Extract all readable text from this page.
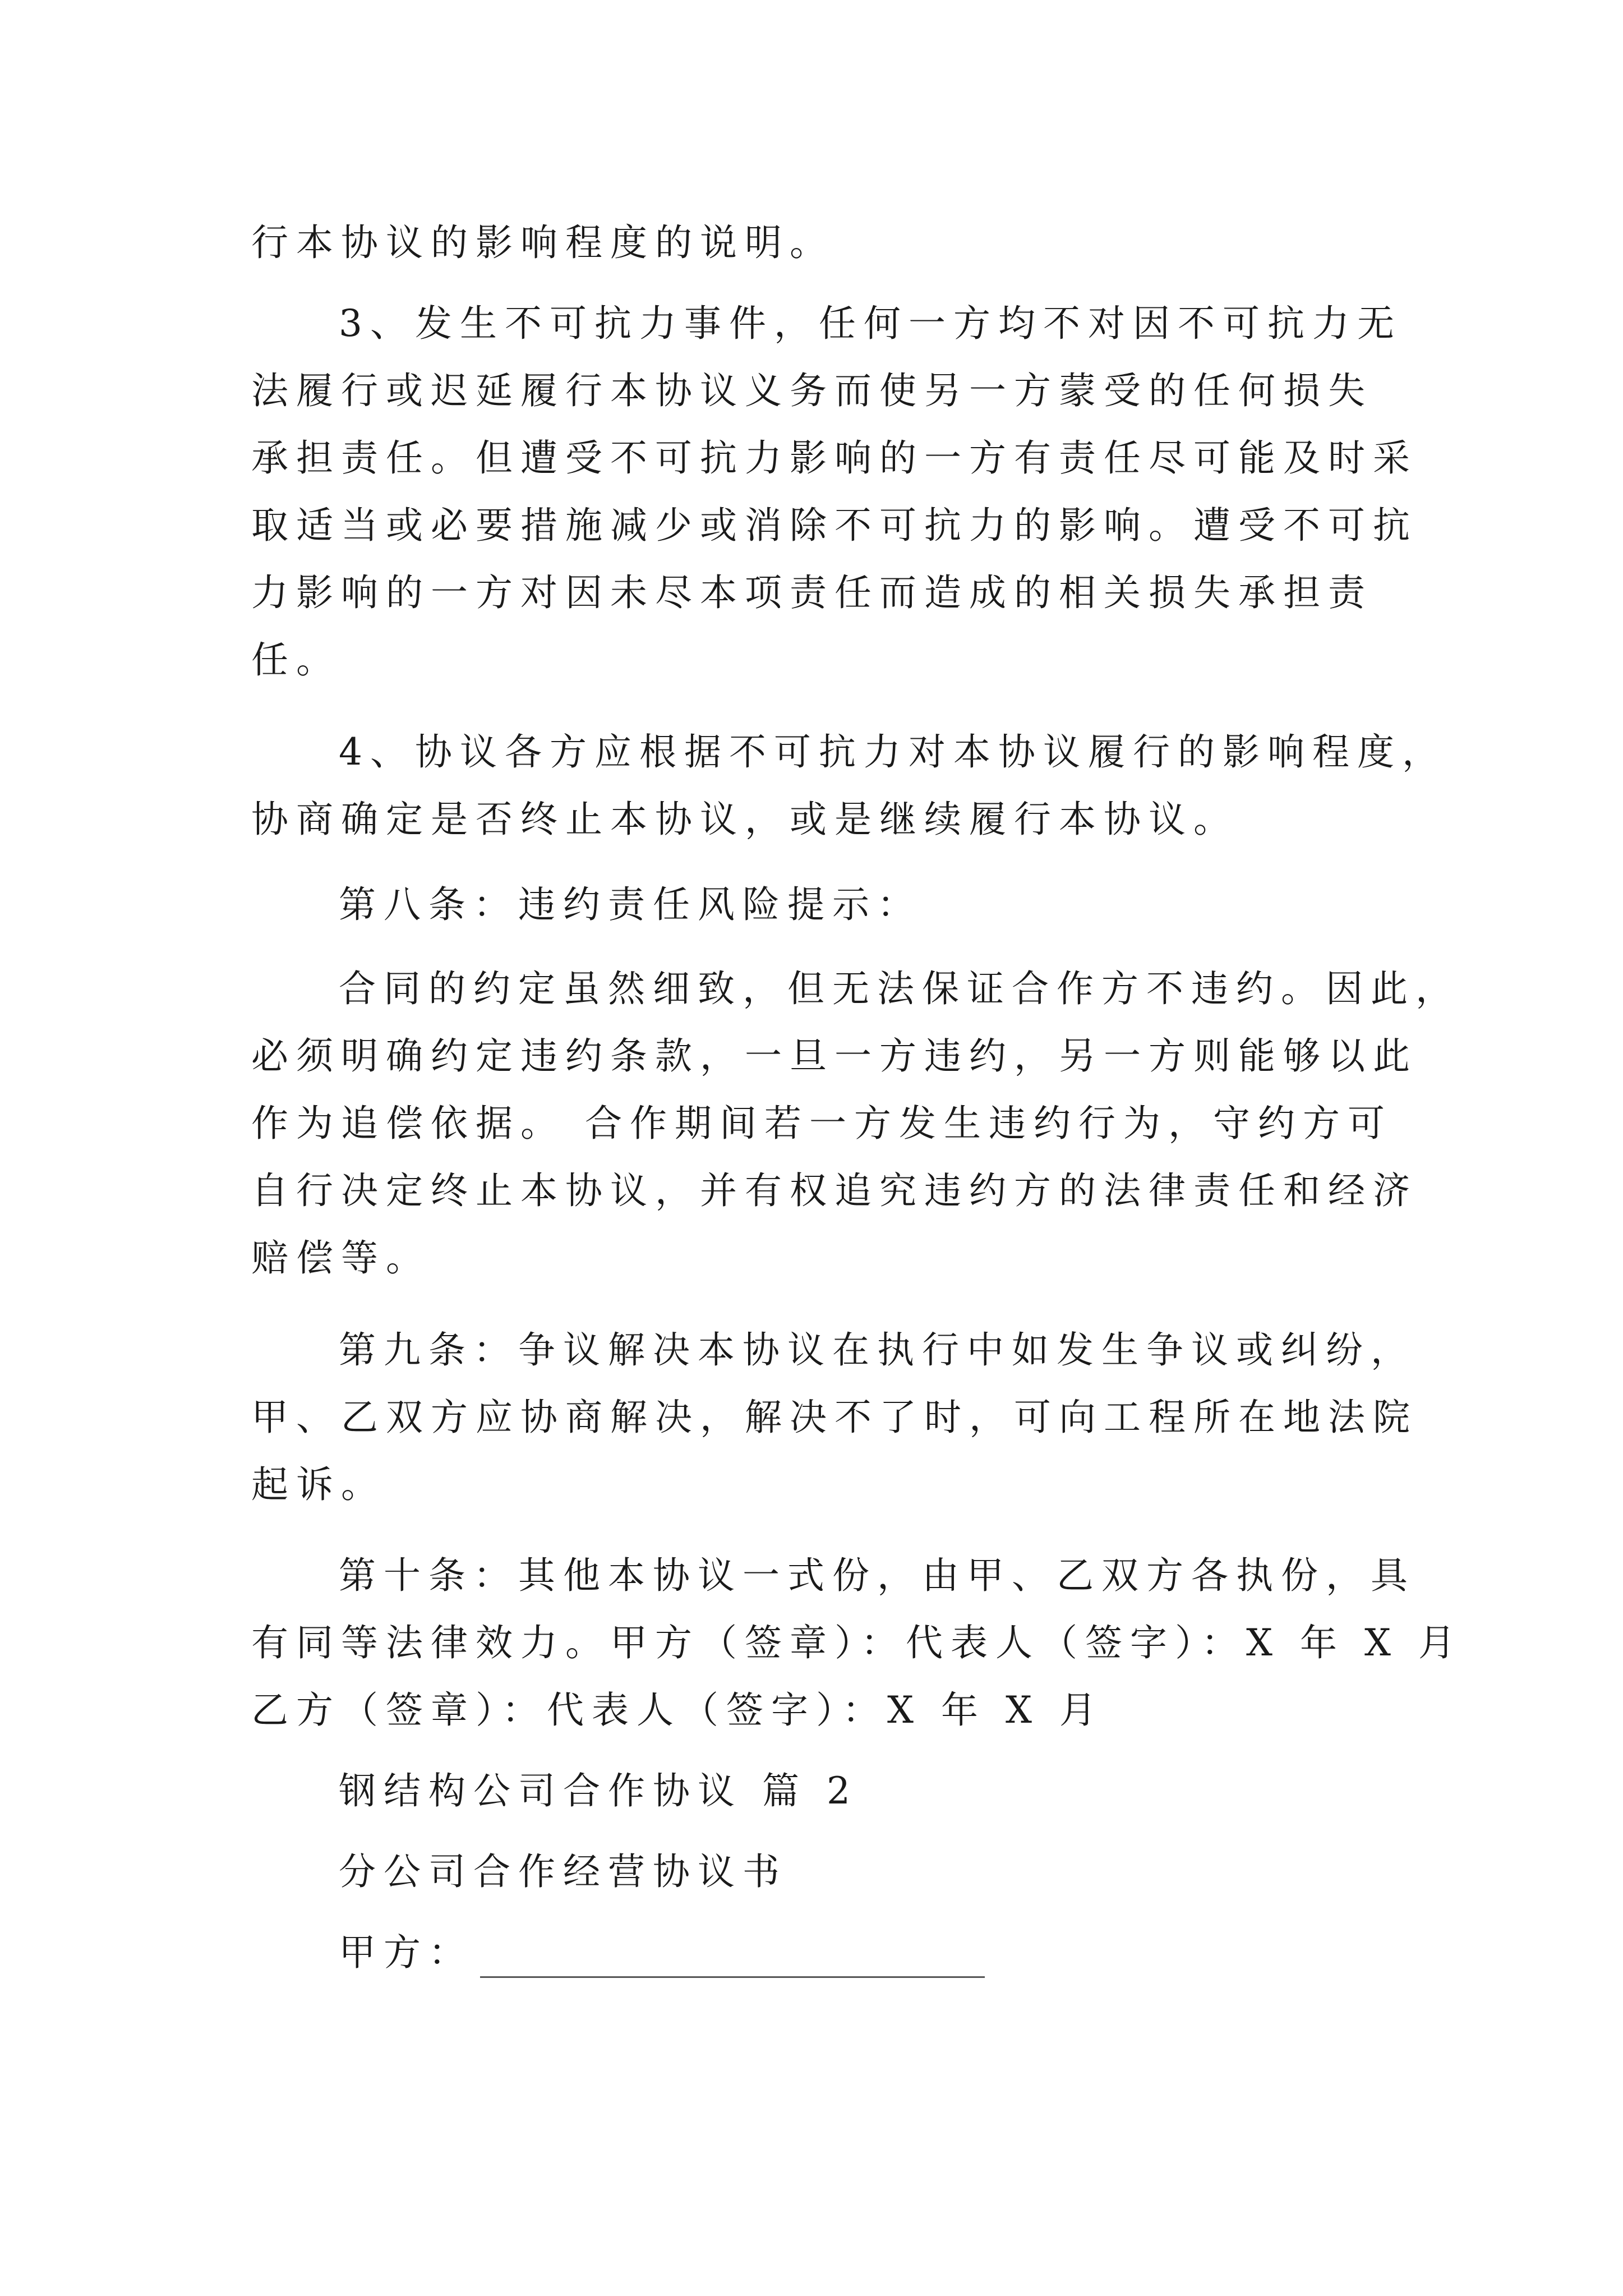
行本协议的影响程度的说明。
3、发生不可抗力事件，任何一方均不对因不可抗力无
法履行或迟延履行本协议义务而使另一方蒙受的任何损失
承担责任。但遭受不可抗力影响的一方有责任尽可能及时采
取适当或必要措施减少或消除不可抗力的影响。遭受不可抗
力影响的一方对因未尽本项责任而造成的相关损失承担责
任。
4、协议各方应根据不可抗力对本协议履行的影响程度，
协商确定是否终止本协议，或是继续履行本协议。
第八条：违约责任风险提示：
合同的约定虽然细致，但无法保证合作方不违约。因此，
必须明确约定违约条款，一旦一方违约，另一方则能够以此
作为追偿依据。 合作期间若一方发生违约行为，守约方可
自行决定终止本协议，并有权追究违约方的法律责任和经济
赔偿等。
第九条：争议解决本协议在执行中如发生争议或纠纷，
甲、乙双方应协商解决，解决不了时，可向工程所在地法院
起诉。
第十条：其他本协议一式份，由甲、乙双方各执份，具
有同等法律效力。甲方（签章）：代表人（签字）：X 年 X 月
乙方（签章）：代表人（签字）：X 年 X 月
钢结构公司合作协议 篇 2
分公司合作经营协议书
甲方：
